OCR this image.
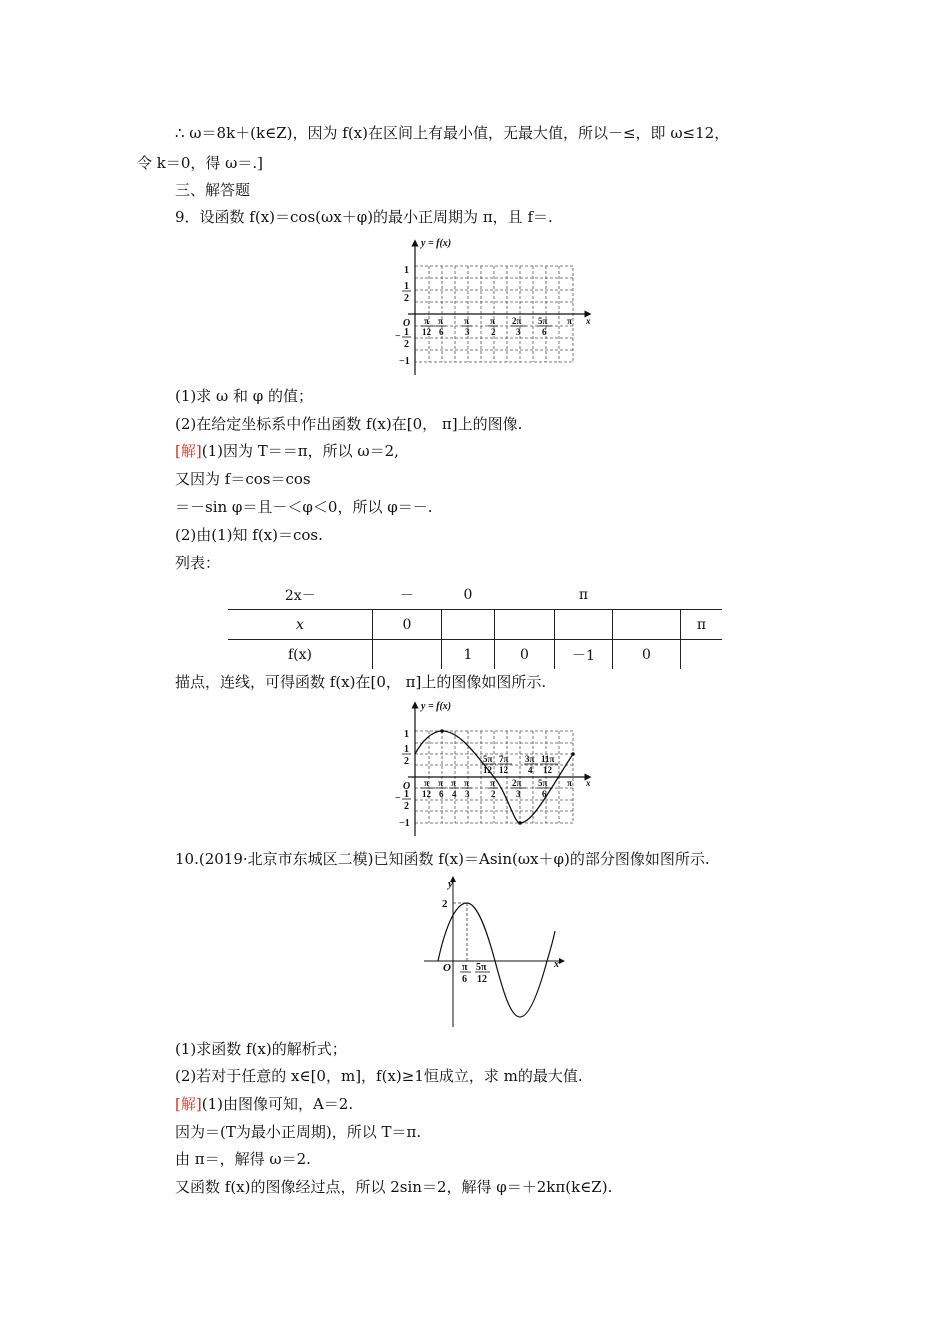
∴ ω＝8k＋(k∈Z)，因为 f(x)在区间上有最小值，无最大值，所以－≤，即 ω≤12，
令 k＝0，得 ω＝.]
三、解答题
9．设函数 f(x)＝cos(ωx＋φ)的最小正周期为 π，且 f＝.
y = f(x)
1
1
2
O
− 1
2
−1
π
12
π
6
π
3
π
2
2π
3
5π
6
π x
(1)求 ω 和 φ 的值；
(2)在给定坐标系中作出函数 f(x)在[0， π]上的图像.
[解](1)因为 T＝＝π，所以 ω＝2,
又因为 f＝cos＝cos
＝－sin φ＝且－＜φ＜0，所以 φ＝－.
(2)由(1)知 f(x)＝cos.
列表：
2x－	－	0		π		
x	0					π
f(x)		1	0	－1	0	
描点，连线，可得函数 f(x)在[0， π]上的图像如图所示.
y = f(x)
1
1
2
O
− 1
2
−1
5π
12
7π
12
3π
4
11π
12
π
12
π
6
π
4
π
3
π
2
2π
3
5π
6
π x
10.(2019·北京市东城区二模)已知函数 f(x)＝Asin(ωx＋φ)的部分图像如图所示.
y
2
O π
6
5π
12
x
(1)求函数 f(x)的解析式；
(2)若对于任意的 x∈[0，m]，f(x)≥1恒成立，求 m的最大值.
[解](1)由图像可知，A＝2.
因为＝(T为最小正周期)，所以 T＝π.
由 π＝，解得 ω＝2.
又函数 f(x)的图像经过点，所以 2sin＝2，解得 φ＝＋2kπ(k∈Z).
